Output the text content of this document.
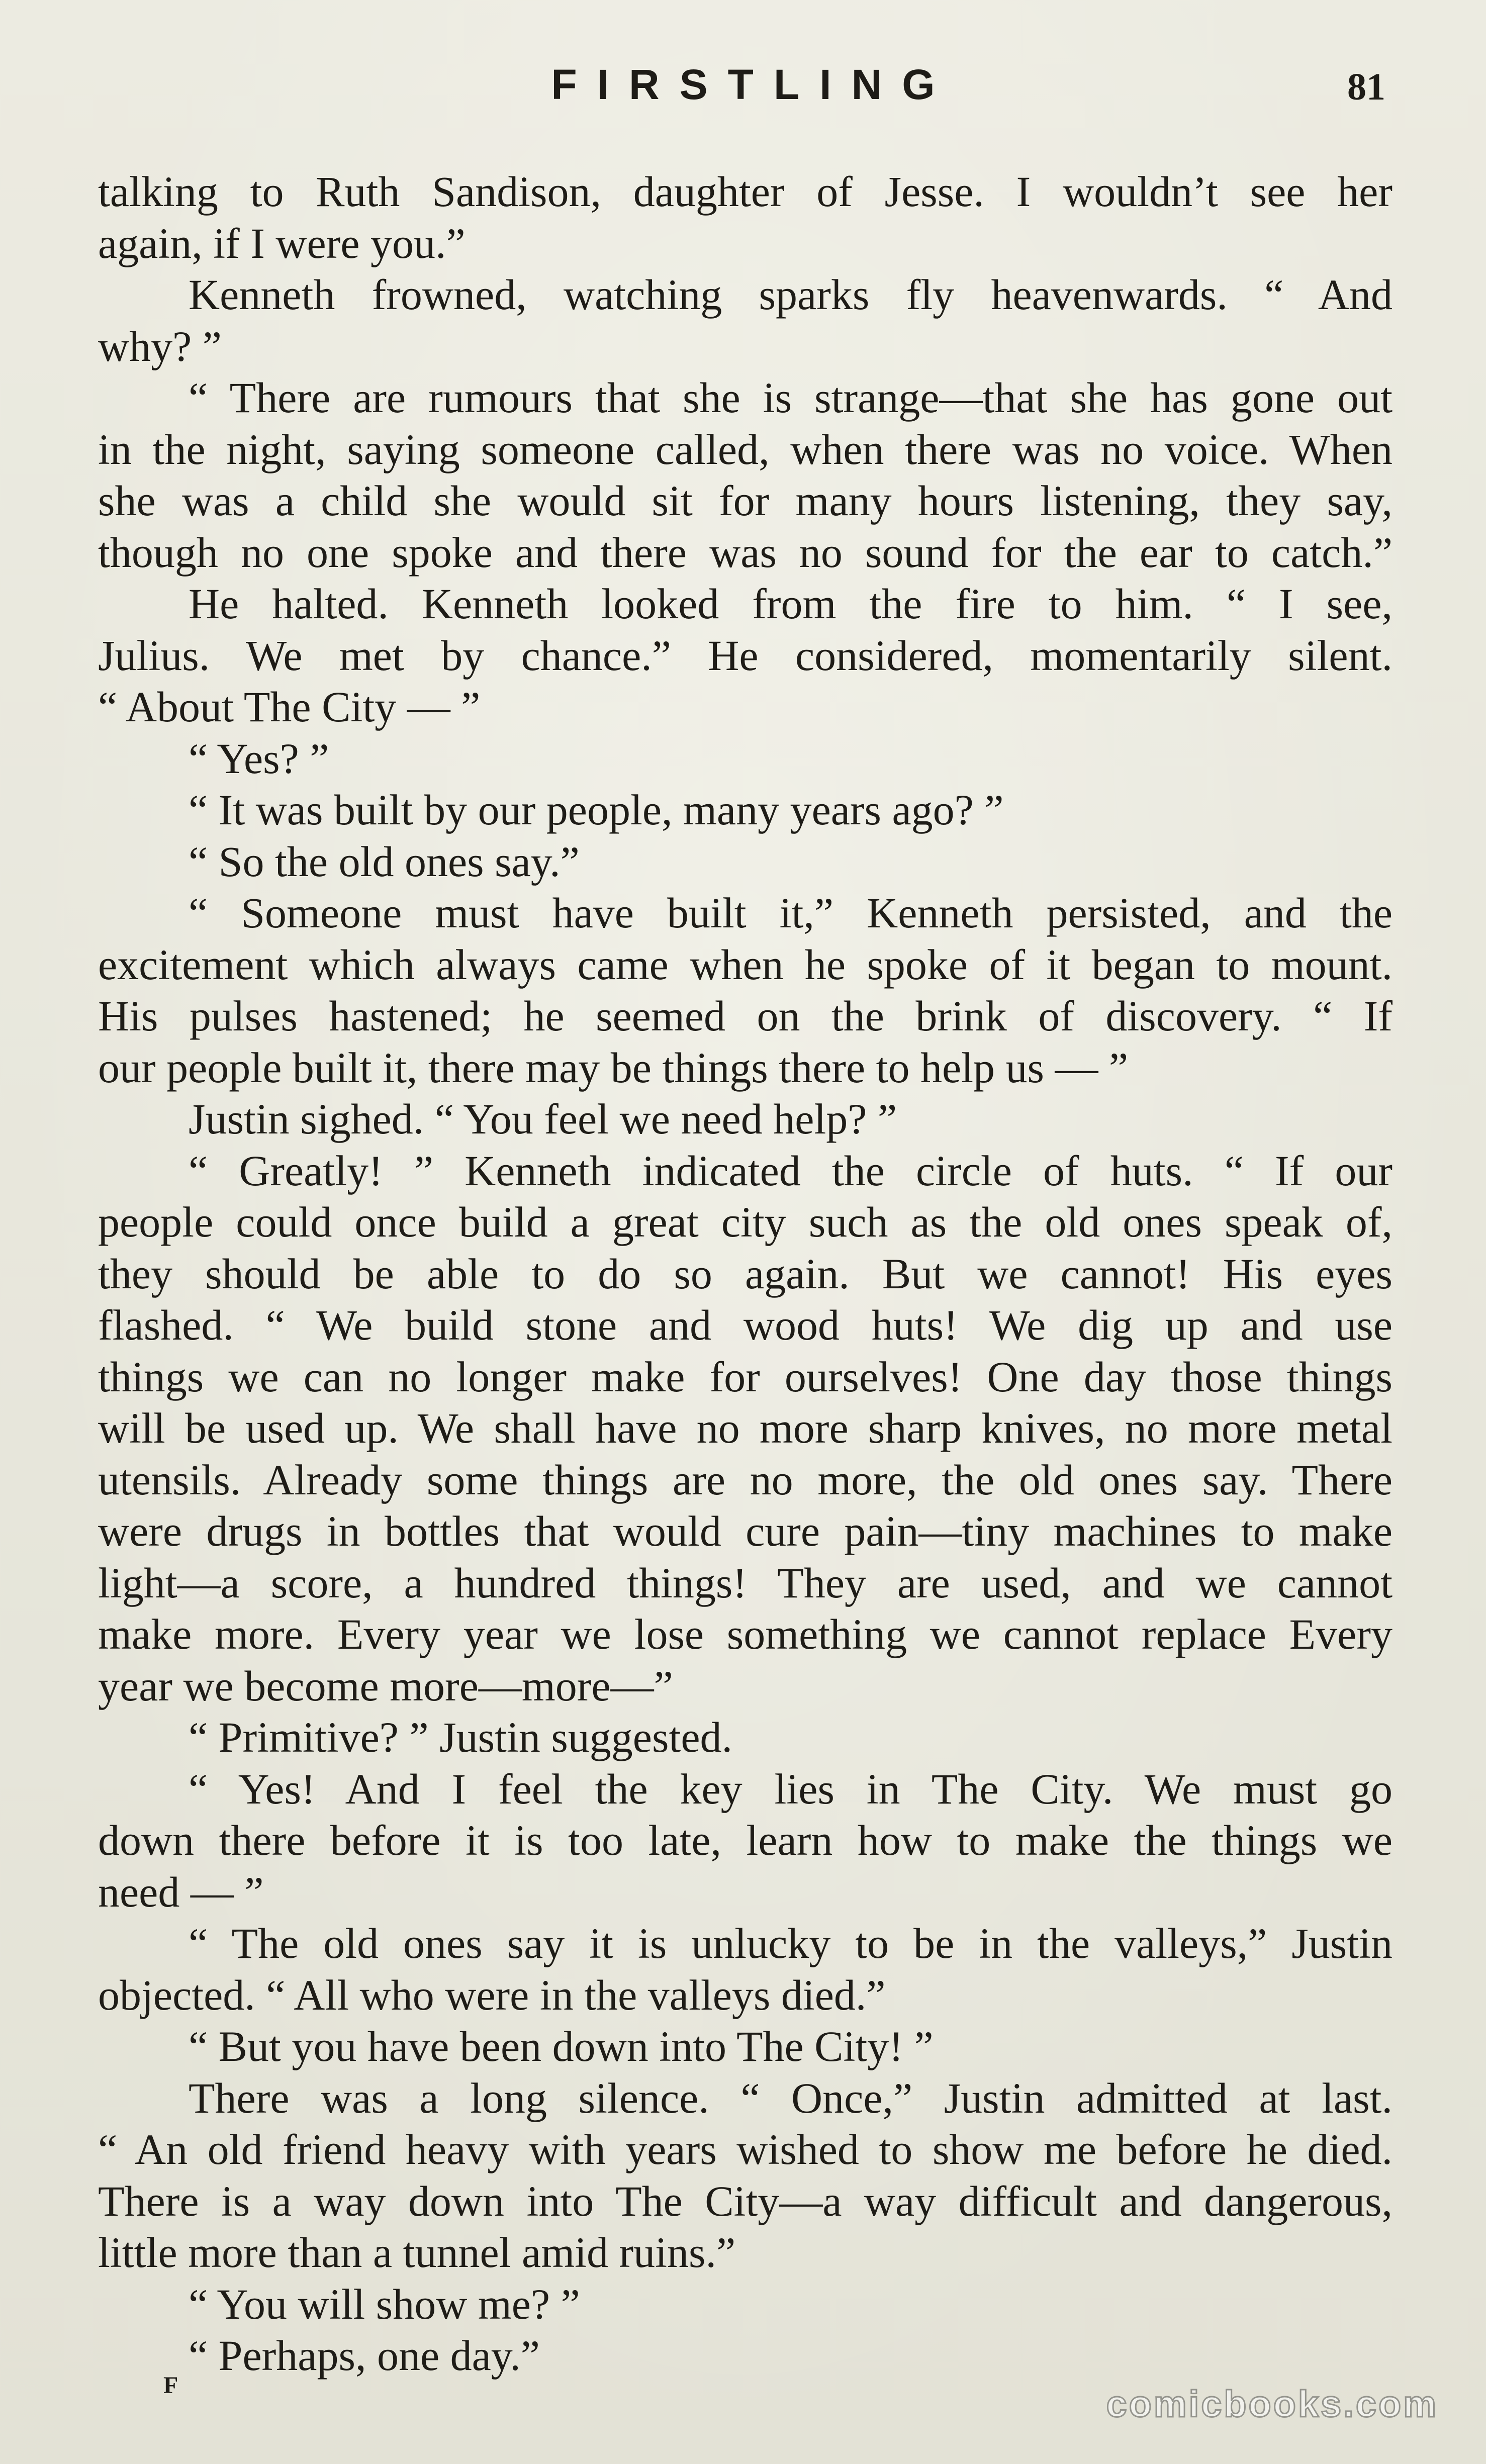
FIRSTLING	81
talking to Ruth Sandison, daughter of Jesse. I wouldn’t see her
again, if I were you.”
Kenneth frowned, watching sparks fly heavenwards. “ And
why? ”
“ There are rumours that she is strange—that she has gone out
in the night, saying someone called, when there was no voice. When
she was a child she would sit for many hours listening, they say,
though no one spoke and there was no sound for the ear to catch.”
He halted. Kenneth looked from the fire to him. “ I see,
Julius. We met by chance.” He considered, momentarily silent.
“ About The City — ”
“ Yes? ”
“ It was built by our people, many years ago? ”
“ So the old ones say.”
“ Someone must have built it,” Kenneth persisted, and the
excitement which always came when he spoke of it began to mount.
His pulses hastened; he seemed on the brink of discovery. “ If
our people built it, there may be things there to help us — ”
Justin sighed. “ You feel we need help? ”
“ Greatly! ” Kenneth indicated the circle of huts. “ If our
people could once build a great city such as the old ones speak of,
they should be able to do so again. But we cannot! His eyes
flashed. “ We build stone and wood huts! We dig up and use
things we can no longer make for ourselves! One day those things
will be used up. We shall have no more sharp knives, no more metal
utensils. Already some things are no more, the old ones say. There
were drugs in bottles that would cure pain—tiny machines to make
light—a score, a hundred things! They are used, and we cannot
make more. Every year we lose something we cannot replace Every
year we become more—more—”
“ Primitive? ” Justin suggested.
“ Yes! And I feel the key lies in The City. We must go
down there before it is too late, learn how to make the things we
need — ”
“ The old ones say it is unlucky to be in the valleys,” Justin
objected. “ All who were in the valleys died.”
“ But you have been down into The City! ”
There was a long silence. “ Once,” Justin admitted at last.
“ An old friend heavy with years wished to show me before he died.
There is a way down into The City—a way difficult and dangerous,
little more than a tunnel amid ruins.”
“ You will show me? ”
“ Perhaps, one day.”
F	comicbooks.com
